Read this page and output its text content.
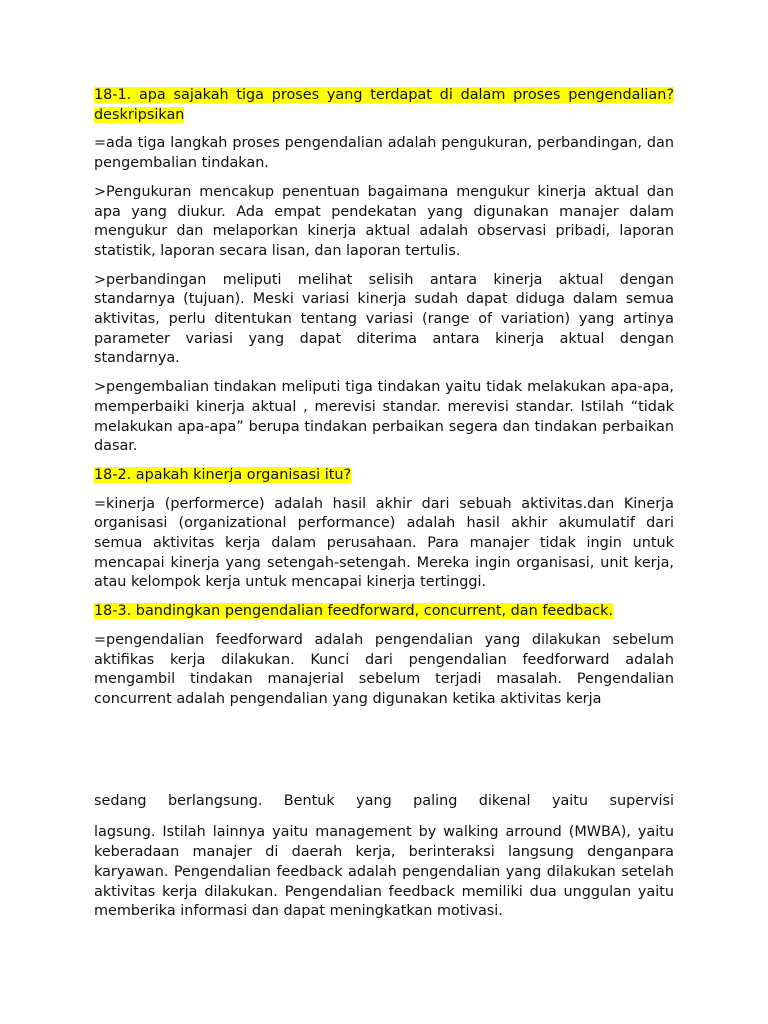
18-1. apa sajakah tiga proses yang terdapat di dalam proses pengendalian? deskripsikan

=ada tiga langkah proses pengendalian adalah pengukuran, perbandingan, dan pengembalian tindakan.

>Pengukuran mencakup penentuan bagaimana mengukur kinerja aktual dan apa yang diukur. Ada empat pendekatan yang digunakan manajer dalam mengukur dan melaporkan kinerja aktual adalah observasi pribadi, laporan statistik, laporan secara lisan, dan laporan tertulis.

>perbandingan meliputi melihat selisih antara kinerja aktual dengan standarnya (tujuan). Meski variasi kinerja sudah dapat diduga dalam semua aktivitas, perlu ditentukan tentang variasi (range of variation) yang artinya parameter variasi yang dapat diterima antara kinerja aktual dengan standarnya.

>pengembalian tindakan meliputi tiga tindakan yaitu tidak melakukan apa-apa, memperbaiki kinerja aktual , merevisi standar. merevisi standar. Istilah “tidak melakukan apa-apa” berupa tindakan perbaikan segera dan tindakan perbaikan dasar.

18-2. apakah kinerja organisasi itu?

=kinerja (performerce) adalah hasil akhir dari sebuah aktivitas.dan Kinerja organisasi (organizational performance) adalah hasil akhir akumulatif dari semua aktivitas kerja dalam perusahaan. Para manajer tidak ingin untuk mencapai kinerja yang setengah-setengah. Mereka ingin organisasi, unit kerja, atau kelompok kerja untuk mencapai kinerja tertinggi.

18-3. bandingkan pengendalian feedforward, concurrent, dan feedback.

=pengendalian feedforward adalah pengendalian yang dilakukan sebelum aktifikas kerja dilakukan. Kunci dari pengendalian feedforward adalah mengambil tindakan manajerial sebelum terjadi masalah. Pengendalian concurrent adalah pengendalian yang digunakan ketika aktivitas kerja

sedang berlangsung. Bentuk yang paling dikenal yaitu supervisi

lagsung. Istilah lainnya yaitu management by walking arround (MWBA), yaitu keberadaan manajer di daerah kerja, berinteraksi langsung denganpara karyawan. Pengendalian feedback adalah pengendalian yang dilakukan setelah aktivitas kerja dilakukan. Pengendalian feedback memiliki dua unggulan yaitu memberika informasi dan dapat meningkatkan motivasi.
